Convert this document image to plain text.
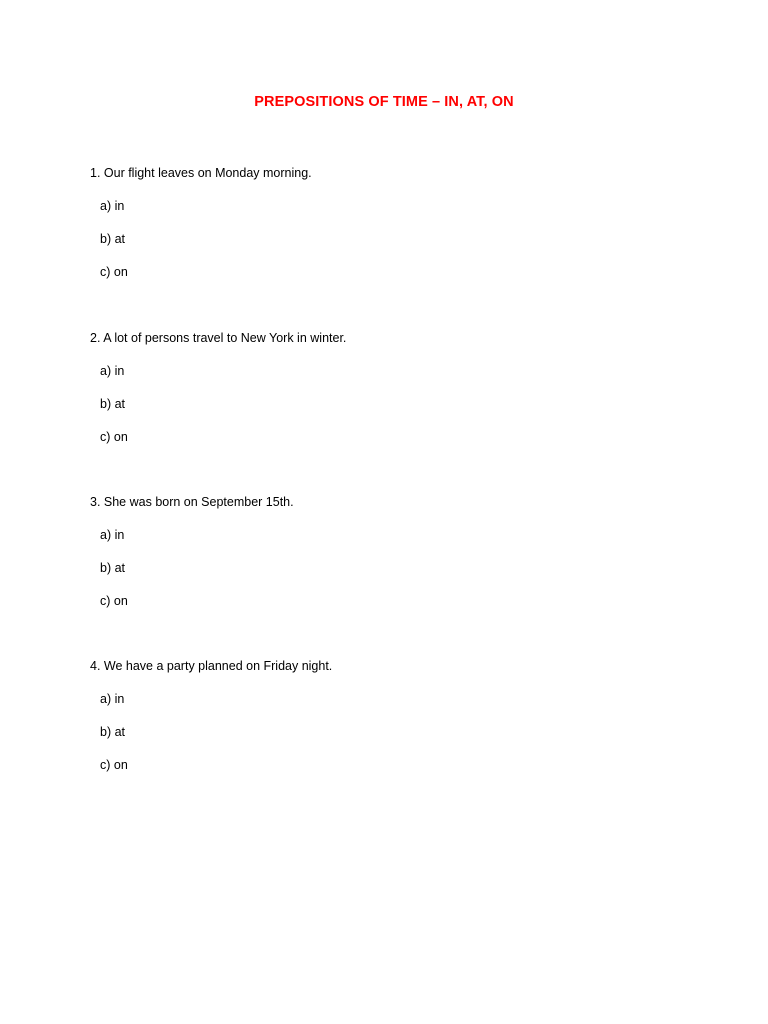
PREPOSITIONS OF TIME – IN, AT, ON

1. Our flight leaves on Monday morning.

a) in
b) at
c) on

2. A lot of persons travel to New York in winter.

a) in
b) at
c) on

3. She was born on September 15th.

a) in
b) at
c) on

4. We have a party planned on Friday night.

a) in
b) at
c) on
